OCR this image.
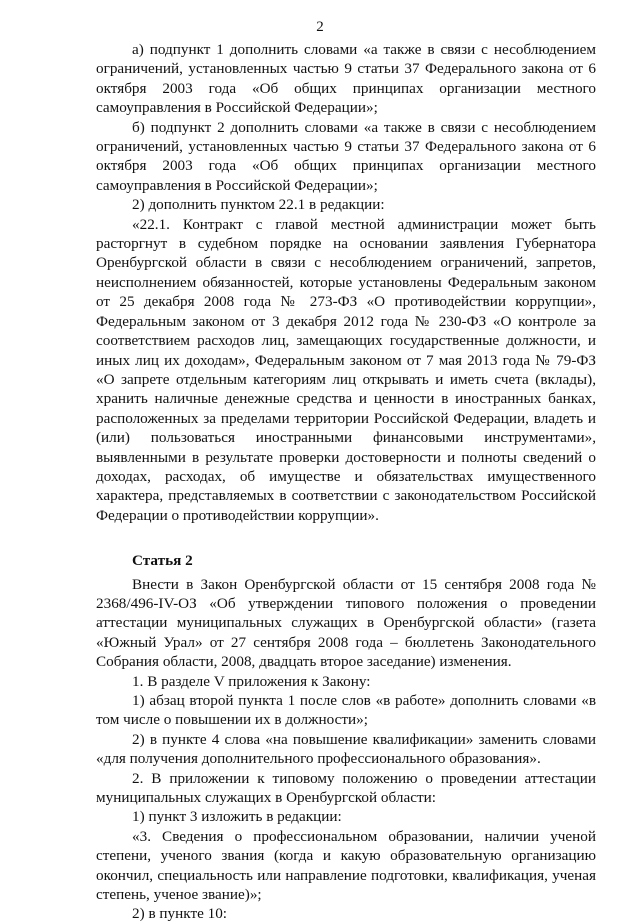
2

а) подпункт 1 дополнить словами «а также в связи с несоблюдением ограничений, установленных частью 9 статьи 37 Федерального закона от 6 октября 2003 года «Об общих принципах организации местного самоуправления в Российской Федерации»;

б) подпункт 2 дополнить словами «а также в связи с несоблюдением ограничений, установленных частью 9 статьи 37 Федерального закона от 6 октября 2003 года «Об общих принципах организации местного самоуправления в Российской Федерации»;

2) дополнить пунктом 22.1 в редакции:

«22.1. Контракт с главой местной администрации может быть расторгнут в судебном порядке на основании заявления Губернатора Оренбургской области в связи с несоблюдением ограничений, запретов, неисполнением обязанностей, которые установлены Федеральным законом от 25 декабря 2008 года № 273-ФЗ «О противодействии коррупции», Федеральным законом от 3 декабря 2012 года № 230-ФЗ «О контроле за соответствием расходов лиц, замещающих государственные должности, и иных лиц их доходам», Федеральным законом от 7 мая 2013 года № 79-ФЗ «О запрете отдельным категориям лиц открывать и иметь счета (вклады), хранить наличные денежные средства и ценности в иностранных банках, расположенных за пределами территории Российской Федерации, владеть и (или) пользоваться иностранными финансовыми инструментами», выявленными в результате проверки достоверности и полноты сведений о доходах, расходах, об имуществе и обязательствах имущественного характера, представляемых в соответствии с законодательством Российской Федерации о противодействии коррупции».

Статья 2

Внести в Закон Оренбургской области от 15 сентября 2008 года № 2368/496-IV-ОЗ «Об утверждении типового положения о проведении аттестации муниципальных служащих в Оренбургской области» (газета «Южный Урал» от 27 сентября 2008 года – бюллетень Законодательного Собрания области, 2008, двадцать второе заседание) изменения.

1. В разделе V приложения к Закону:

1) абзац второй пункта 1 после слов «в работе» дополнить словами «в том числе о повышении их в должности»;

2) в пункте 4 слова «на повышение квалификации» заменить словами «для получения дополнительного профессионального образования».

2. В приложении к типовому положению о проведении аттестации муниципальных служащих в Оренбургской области:

1) пункт 3 изложить в редакции:

«3. Сведения о профессиональном образовании, наличии ученой степени, ученого звания (когда и какую образовательную организацию окончил, специальность или направление подготовки, квалификация, ученая степень, ученое звание)»;

2) в пункте 10:
